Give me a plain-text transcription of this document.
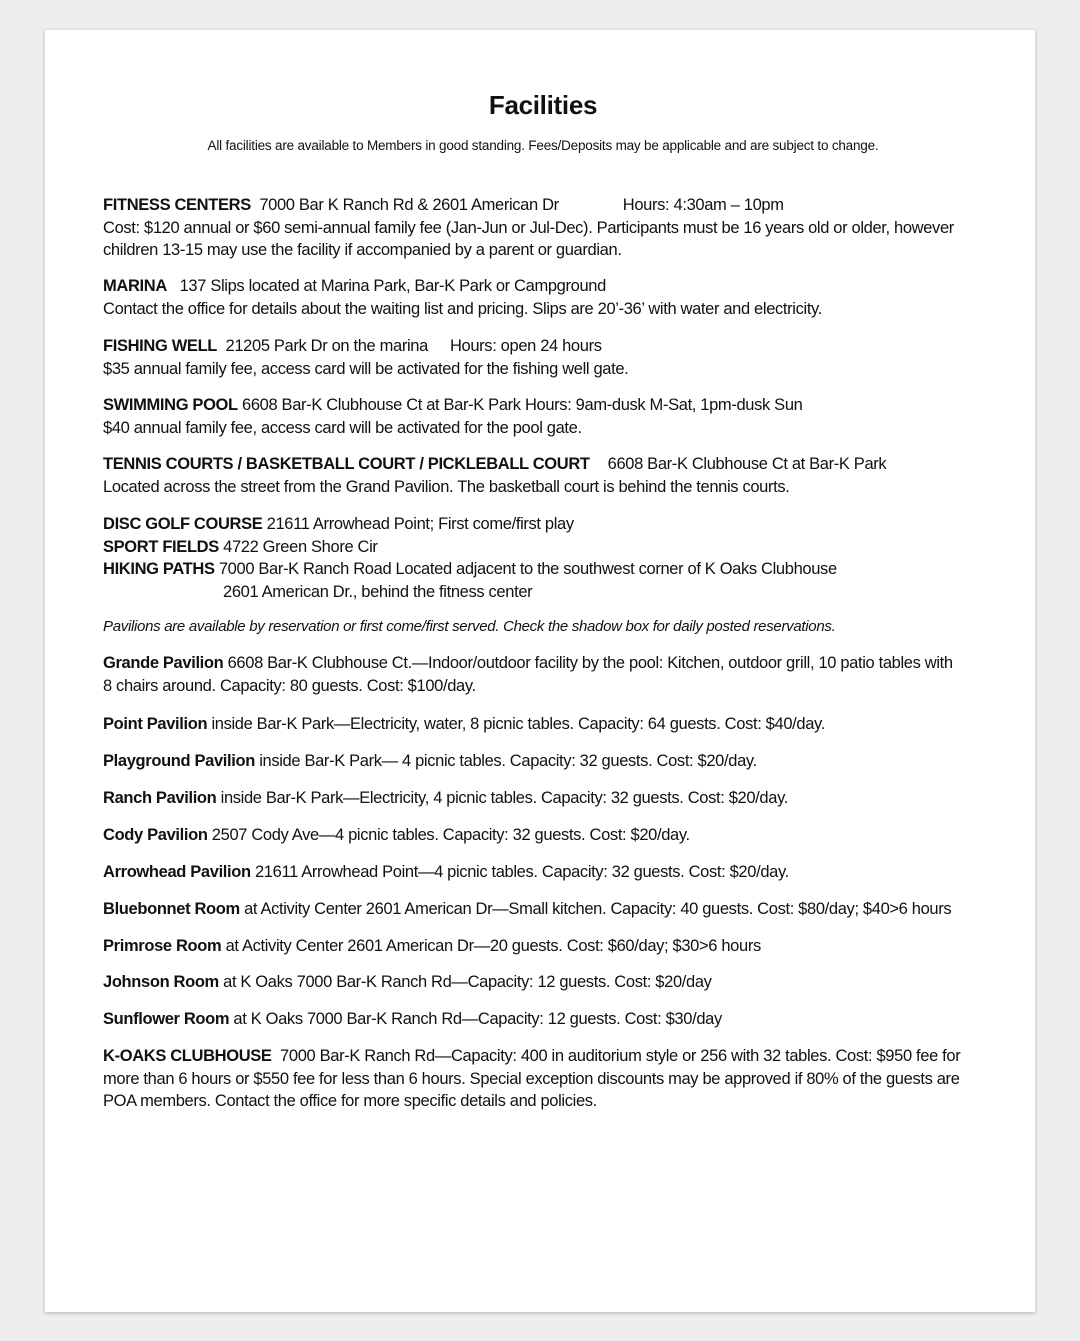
Facilities
All facilities are available to Members in good standing. Fees/Deposits may be applicable and are subject to change.
FITNESS CENTERS 7000 Bar K Ranch Rd & 2601 American Dr	Hours: 4:30am – 10pm
Cost: $120 annual or $60 semi-annual family fee (Jan-Jun or Jul-Dec). Participants must be 16 years old or older, however
children 13-15 may use the facility if accompanied by a parent or guardian.
MARINA 137 Slips located at Marina Park, Bar-K Park or Campground
Contact the office for details about the waiting list and pricing. Slips are 20’-36’ with water and electricity.
FISHING WELL 21205 Park Dr on the marina Hours: open 24 hours
$35 annual family fee, access card will be activated for the fishing well gate.
SWIMMING POOL 6608 Bar-K Clubhouse Ct at Bar-K Park Hours: 9am-dusk M-Sat, 1pm-dusk Sun
$40 annual family fee, access card will be activated for the pool gate.
TENNIS COURTS / BASKETBALL COURT / PICKLEBALL COURT 6608 Bar-K Clubhouse Ct at Bar-K Park
Located across the street from the Grand Pavilion. The basketball court is behind the tennis courts.
DISC GOLF COURSE 21611 Arrowhead Point; First come/first play
SPORT FIELDS 4722 Green Shore Cir
HIKING PATHS 7000 Bar-K Ranch Road Located adjacent to the southwest corner of K Oaks Clubhouse
2601 American Dr., behind the fitness center
Pavilions are available by reservation or first come/first served. Check the shadow box for daily posted reservations.
Grande Pavilion 6608 Bar-K Clubhouse Ct.—Indoor/outdoor facility by the pool: Kitchen, outdoor grill, 10 patio tables with
8 chairs around. Capacity: 80 guests. Cost: $100/day.
Point Pavilion inside Bar-K Park—Electricity, water, 8 picnic tables. Capacity: 64 guests. Cost: $40/day.
Playground Pavilion inside Bar-K Park— 4 picnic tables. Capacity: 32 guests. Cost: $20/day.
Ranch Pavilion inside Bar-K Park—Electricity, 4 picnic tables. Capacity: 32 guests. Cost: $20/day.
Cody Pavilion 2507 Cody Ave—4 picnic tables. Capacity: 32 guests. Cost: $20/day.
Arrowhead Pavilion 21611 Arrowhead Point—4 picnic tables. Capacity: 32 guests. Cost: $20/day.
Bluebonnet Room at Activity Center 2601 American Dr—Small kitchen. Capacity: 40 guests. Cost: $80/day; $40>6 hours
Primrose Room at Activity Center 2601 American Dr—20 guests. Cost: $60/day; $30>6 hours
Johnson Room at K Oaks 7000 Bar-K Ranch Rd—Capacity: 12 guests. Cost: $20/day
Sunflower Room at K Oaks 7000 Bar-K Ranch Rd—Capacity: 12 guests. Cost: $30/day
K-OAKS CLUBHOUSE 7000 Bar-K Ranch Rd—Capacity: 400 in auditorium style or 256 with 32 tables. Cost: $950 fee for
more than 6 hours or $550 fee for less than 6 hours. Special exception discounts may be approved if 80% of the guests are
POA members. Contact the office for more specific details and policies.
